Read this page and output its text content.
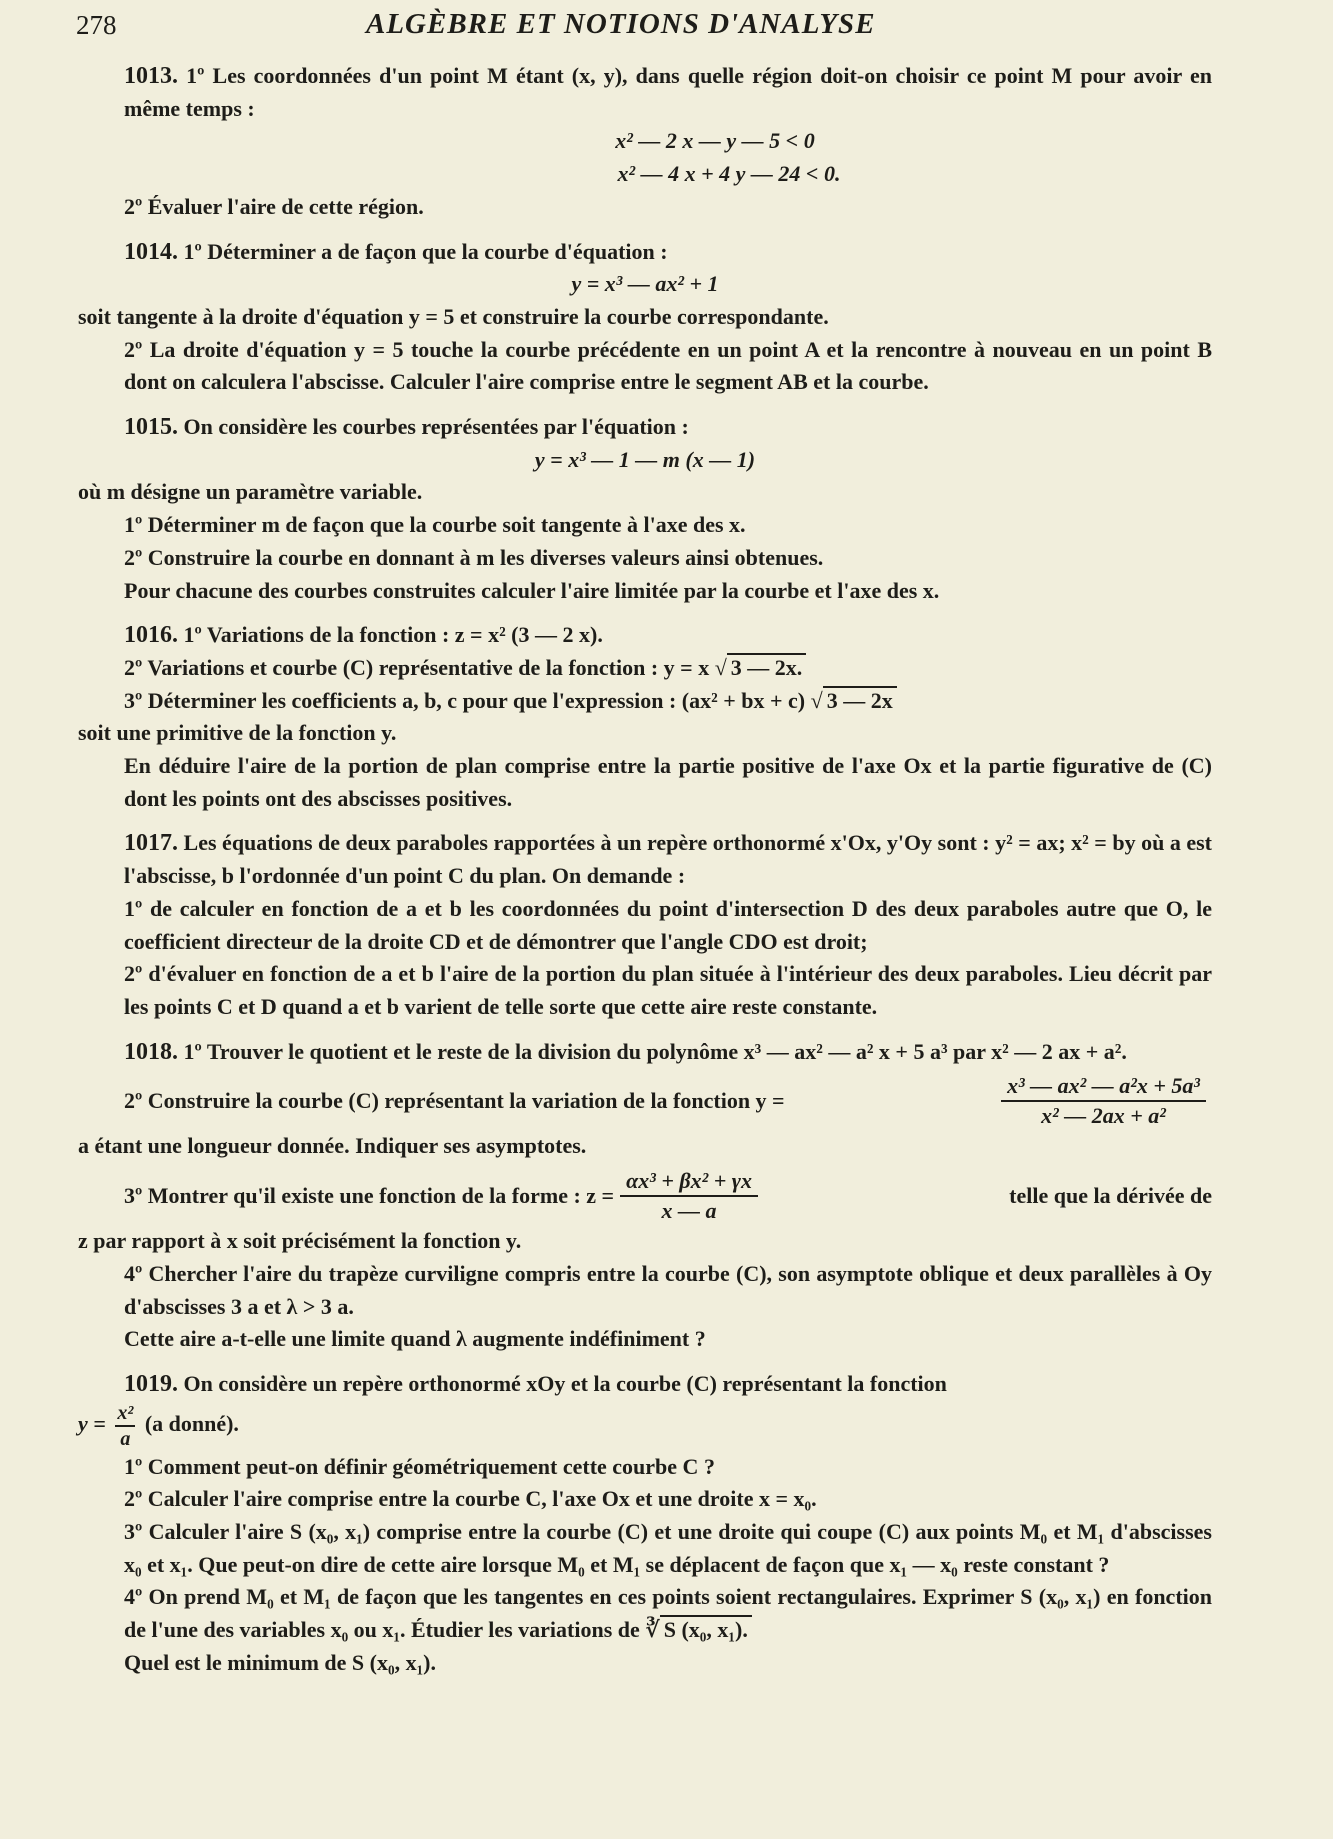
278	ALGÈBRE ET NOTIONS D'ANALYSE

1013. 1º Les coordonnées d'un point M étant (x, y), dans quelle région doit-on choisir ce point M pour avoir en même temps :

x² — 2 x — y — 5 < 0
x² — 4 x + 4 y — 24 < 0.

2º Évaluer l'aire de cette région.

1014. 1º Déterminer a de façon que la courbe d'équation :

y = x³ — ax² + 1

soit tangente à la droite d'équation y = 5 et construire la courbe correspondante.

2º La droite d'équation y = 5 touche la courbe précédente en un point A et la rencontre à nouveau en un point B dont on calculera l'abscisse. Calculer l'aire comprise entre le segment AB et la courbe.

1015. On considère les courbes représentées par l'équation :

y = x³ — 1 — m (x — 1)

où m désigne un paramètre variable.

1º Déterminer m de façon que la courbe soit tangente à l'axe des x.

2º Construire la courbe en donnant à m les diverses valeurs ainsi obtenues.

Pour chacune des courbes construites calculer l'aire limitée par la courbe et l'axe des x.

1016. 1º Variations de la fonction : z = x² (3 — 2 x).

2º Variations et courbe (C) représentative de la fonction : y = x √ 3 — 2x.

3º Déterminer les coefficients a, b, c pour que l'expression : (ax² + bx + c) √ 3 — 2x

soit une primitive de la fonction y.

En déduire l'aire de la portion de plan comprise entre la partie positive de l'axe Ox et la partie figurative de (C) dont les points ont des abscisses positives.

1017. Les équations de deux paraboles rapportées à un repère orthonormé x'Ox, y'Oy sont : y² = ax; x² = by où a est l'abscisse, b l'ordonnée d'un point C du plan. On demande :

1º de calculer en fonction de a et b les coordonnées du point d'intersection D des deux paraboles autre que O, le coefficient directeur de la droite CD et de démontrer que l'angle CDO est droit;

2º d'évaluer en fonction de a et b l'aire de la portion du plan située à l'intérieur des deux paraboles. Lieu décrit par les points C et D quand a et b varient de telle sorte que cette aire reste constante.

1018. 1º Trouver le quotient et le reste de la division du polynôme x³ — ax² — a² x + 5 a³ par x² — 2 ax + a².

2º Construire la courbe (C) représentant la variation de la fonction y =	$\frac{\text{x³ — ax² — a²x + 5a³}}{\text{x² — 2ax + a²}}$

a étant une longueur donnée. Indiquer ses asymptotes.

3º Montrer qu'il existe une fonction de la forme : $z = \frac{\text{αx³ + βx² + γx}}{x — a}$	telle que la dérivée de

z par rapport à x soit précisément la fonction y.

4º Chercher l'aire du trapèze curviligne compris entre la courbe (C), son asymptote oblique et deux parallèles à Oy d'abscisses 3 a et λ > 3 a.

Cette aire a-t-elle une limite quand λ augmente indéfiniment ?

1019. On considère un repère orthonormé xOy et la courbe (C) représentant la fonction

$y = \frac{\text{x²}}{a} (a$ donné).

1º Comment peut-on définir géométriquement cette courbe C ?

2º Calculer l'aire comprise entre la courbe C, l'axe Ox et une droite x = x₀.

3º Calculer l'aire S (x₀, x₁) comprise entre la courbe (C) et une droite qui coupe (C) aux points M₀ et M₁ d'abscisses x₀ et x₁. Que peut-on dire de cette aire lorsque M₀ et M₁ se déplacent de façon que x₁ — x₀ reste constant ?

4º On prend M₀ et M₁ de façon que les tangentes en ces points soient rectangulaires. Exprimer S (x₀, x₁) en fonction de l'une des variables x₀ ou x₁. Étudier les variations de ∛ S (x₀, x₁).

Quel est le minimum de S (x₀, x₁).
